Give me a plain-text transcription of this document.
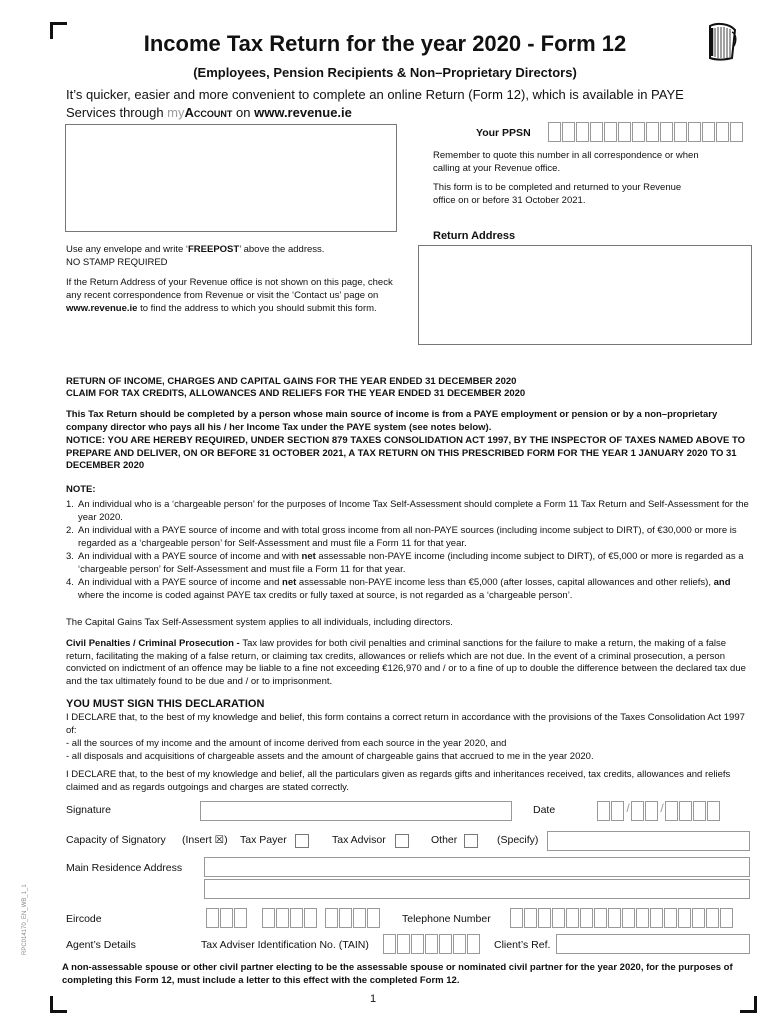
Income Tax Return for the year 2020 - Form 12
(Employees, Pension Recipients & Non–Proprietary Directors)
It’s quicker, easier and more convenient to complete an online Return (Form 12), which is available in PAYE
Services through myAccount on www.revenue.ie
Your PPSN
Remember to quote this number in all correspondence or when calling at your Revenue office.
This form is to be completed and returned to your Revenue office on or before 31 October 2021.
Use any envelope and write ‘FREEPOST’ above the address.
NO STAMP REQUIRED
If the Return Address of your Revenue office is not shown on this page, check any recent correspondence from Revenue or visit the ‘Contact us’ page on www.revenue.ie to find the address to which you should submit this form.
Return Address
RETURN OF INCOME, CHARGES AND CAPITAL GAINS FOR THE YEAR ENDED 31 DECEMBER 2020
CLAIM FOR TAX CREDITS, ALLOWANCES AND RELIEFS FOR THE YEAR ENDED 31 DECEMBER 2020
This Tax Return should be completed by a person whose main source of income is from a PAYE employment or pension or by a non–proprietary company director who pays all his / her Income Tax under the PAYE system (see notes below).
NOTICE: YOU ARE HEREBY REQUIRED, UNDER SECTION 879 TAXES CONSOLIDATION ACT 1997, BY THE INSPECTOR OF TAXES NAMED ABOVE TO PREPARE AND DELIVER, ON OR BEFORE 31 OCTOBER 2021, A TAX RETURN ON THIS PRESCRIBED FORM FOR THE YEAR 1 JANUARY 2020 TO 31 DECEMBER 2020
NOTE:
1. An individual who is a ‘chargeable person’ for the purposes of Income Tax Self-Assessment should complete a Form 11 Tax Return and Self-Assessment for the year 2020.
2. An individual with a PAYE source of income and with total gross income from all non-PAYE sources (including income subject to DIRT), of €30,000 or more is regarded as a ‘chargeable person’ for Self-Assessment and must file a Form 11 for that year.
3. An individual with a PAYE source of income and with net assessable non-PAYE income (including income subject to DIRT), of €5,000 or more is regarded as a ‘chargeable person’ for Self-Assessment and must file a Form 11 for that year.
4. An individual with a PAYE source of income and net assessable non-PAYE income less than €5,000 (after losses, capital allowances and other reliefs), and where the income is coded against PAYE tax credits or fully taxed at source, is not regarded as a ‘chargeable person’.
The Capital Gains Tax Self-Assessment system applies to all individuals, including directors.
Civil Penalties / Criminal Prosecution - Tax law provides for both civil penalties and criminal sanctions for the failure to make a return, the making of a false return, facilitating the making of a false return, or claiming tax credits, allowances or reliefs which are not due. In the event of a criminal prosecution, a person convicted on indictment of an offence may be liable to a fine not exceeding €126,970 and / or to a fine of up to double the difference between the declared tax due and the tax ultimately found to be due and / or to imprisonment.
YOU MUST SIGN THIS DECLARATION
I DECLARE that, to the best of my knowledge and belief, this form contains a correct return in accordance with the provisions of the Taxes Consolidation Act 1997 of:
- all the sources of my income and the amount of income derived from each source in the year 2020, and
- all disposals and acquisitions of chargeable assets and the amount of chargeable gains that accrued to me in the year 2020.
I DECLARE that, to the best of my knowledge and belief, all the particulars given as regards gifts and inheritances received, tax credits, allowances and reliefs claimed and as regards outgoings and charges are stated correctly.
Signature	Date	/	/
Capacity of Signatory (Insert ☒) Tax Payer	Tax Advisor	Other	(Specify)
Main Residence Address
Eircode	Telephone Number
Agent’s Details	Tax Adviser Identification No. (TAIN)	Client’s Ref.
A non-assessable spouse or other civil partner electing to be the assessable spouse or nominated civil partner for the year 2020, for the purposes of completing this Form 12, must include a letter to this effect with the completed Form 12.
1
RPC014170_EN_WB_1_1
